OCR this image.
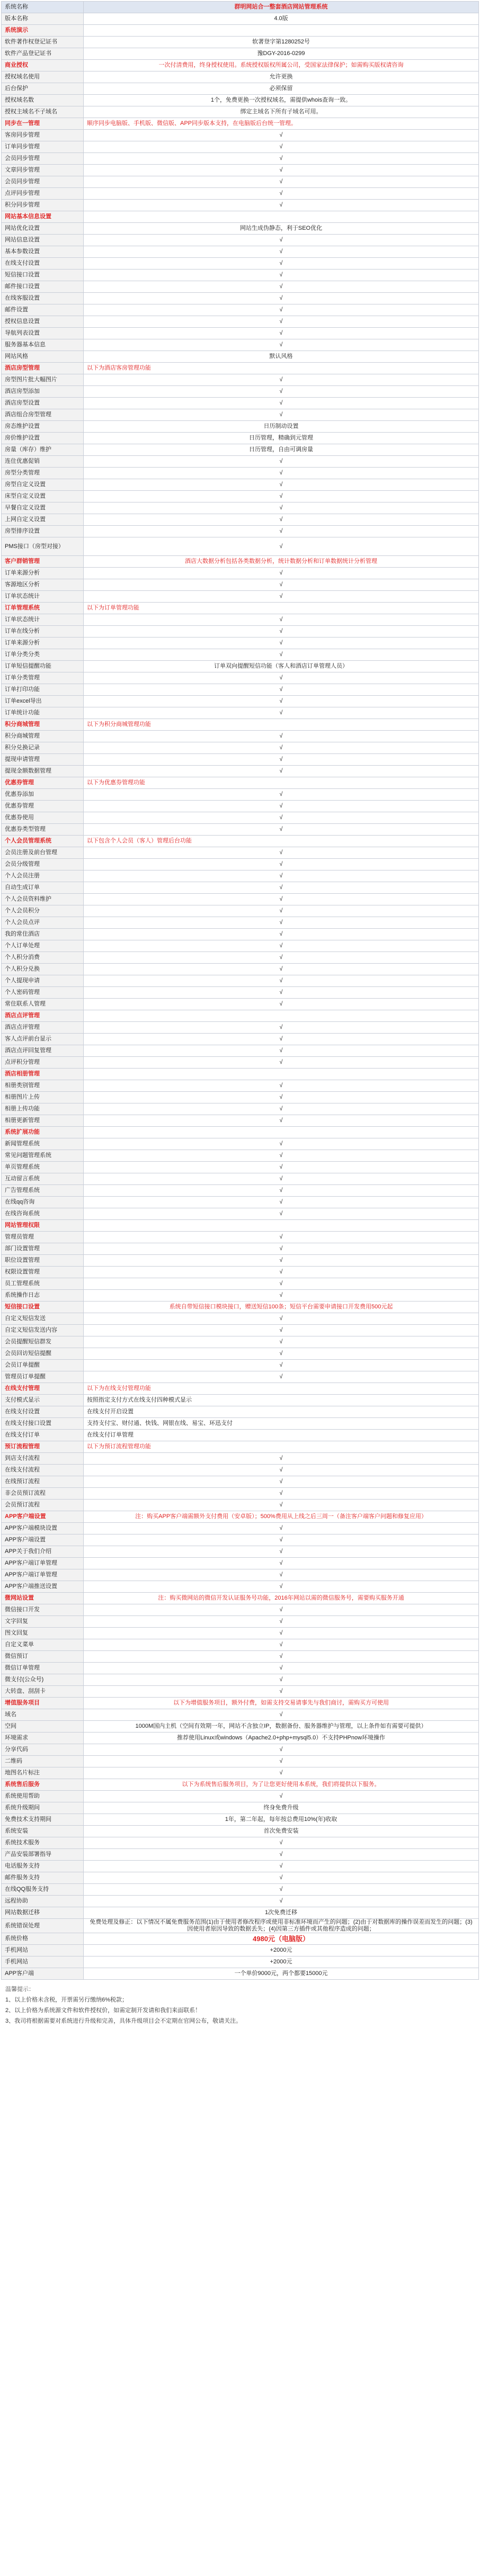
系统名称	群明网站合一整套酒店网站管理系统
版本名称	4.0版
系统演示	
软件著作权登记证书	软著登字第1280252号
软件产品登记证书	豫DGY-2016-0299
商业授权	一次付清费用，终身授权使用。系统授权版权所属公司，受国家法律保护；如需购买版权请咨询
授权域名使用	允许更换
后台保护	必须保留
授权域名数	1个，免费更换一次授权域名，需提供whois查询一致。
授权主域名不子域名	绑定主域名下所有子域名可用。
同步在一管理	顺序同步电脑版、手机版、微信版、APP同步版本支持，在电脑版后台统一管理。
客房同步管理	√
订单同步管理	√
会员同步管理	√
文章同步管理	√
会员同步管理	√
点评同步管理	√
积分同步管理	√
网站基本信息设置	
网站优化设置	网站生成伪静态，利于SEO优化
网站信息设置	√
基本参数设置	√
在线支付设置	√
短信接口设置	√
邮件接口设置	√
在线客服设置	√
邮件设置	√
授权信息设置	√
导航列表设置	√
服务器基本信息	√
网站风格	默认风格
酒店房型管理	以下为酒店客房管理功能
房型图片批大幅图片	√
酒店房型添加	√
酒店房型设置	√
酒店组合房型管理	√
房态维护设置	日历制动设置
房价维护设置	日历管理，精确到元管理
房量（库存）维护	日历管理，自由可调房量
连住优惠促销	√
房型分类管理	√
房型自定义设置	√
床型自定义设置	√
早餐自定义设置	√
上网自定义设置	√
房型排序设置	√
PMS接口（房型对接）	√
客户群销管理	酒店大数据分析包括各类数据分析，统计数据分析和订单数据统计分析管理
订单来源分析	√
客源地区分析	√
订单状态统计	√
订单管理系统	以下为订单管理功能
订单状态统计	√
订单在线分析	√
订单来源分析	√
订单分类分类	√
订单短信提醒功能	订单双向提醒短信功能（客人和酒店订单管理人员）
订单分类管理	√
订单打印功能	√
订单excel导出	√
订单统计功能	√
积分商城管理	以下为积分商城管理功能
积分商城管理	√
积分兑换记录	√
提现申请管理	√
提现金额数据管理	√
优惠券管理	以下为优惠券管理功能
优惠券添加	√
优惠券管理	√
优惠券使用	√
优惠券类型管理	√
个人会员管理系统	以下包含个人会员（客人）管理后台功能
会员注册及前台管理	√
会员分级管理	√
个人会员注册	√
自动生成订单	√
个人会员资料维护	√
个人会员积分	√
个人会员点评	√
我的常住酒店	√
个人订单处理	√
个人积分消费	√
个人积分兑换	√
个人提现申请	√
个人密码管理	√
常住联系人管理	√
酒店点评管理	
酒店点评管理	√
客人点评前台显示	√
酒店点评回复管理	√
点评积分管理	√
酒店相册管理	
相册类别管理	√
相册图片上传	√
相册上传功能	√
相册更新管理	√
系统扩展功能	
新闻管理系统	√
常见问题管理系统	√
单页管理系统	√
互动留言系统	√
广告管理系统	√
在线qq咨询	√
在线咨询系统	√
网站管理权限	
管理员管理	√
部门设置管理	√
职位设置管理	√
权限设置管理	√
员工管理系统	√
系统操作日志	√
短信接口设置	系统自带短信接口模块接口，赠送短信100条；短信平台需要申请接口开发费用500元起
自定义短信发送	√
自定义短信发送内容	√
会员提醒短信群发	√
会员回访短信提醒	√
会员订单提醒	√
管理员订单提醒	√
在线支付管理	以下为在线支付管理功能
支付模式显示	按照指定支付方式在线支付四种模式显示
在线支付设置	在线支付开启设置
在线支付接口设置	支持支付宝、财付通、快钱、网银在线、易宝、环迅支付
在线支付订单	在线支付订单管理
预订流程管理	以下为预订流程管理功能
到店支付流程	√
在线支付流程	√
在线预订流程	√
非会员预订流程	√
会员预订流程	√
APP客户端设置	注：购买APP客户端需额外支付费用（安卓版）；500%费用从上线之后三周一（备注客户端客户问题和修复应用）
APP客户端模块设置	√
APP客户端设置	√
APP关于我们介绍	√
APP客户端订单管理	√
APP客户端订单管理	√
APP客户端推送设置	√
微网站设置	注：购买微网站的微信开发认证服务号功能，2016年网站以需的微信服务号，需要购买服务开通
微信接口开发	√
文字回复	√
图文回复	√
自定义菜单	√
微信预订	√
微信订单管理	√
微支付(公众号)	√
大转盘、刮刮卡	√
增值服务项目	以下为增值服务项目，额外付费，如需支持交易请事先与我们商讨，需购买方可使用
域名	√
空间	1000M国内主机（空间有效期一年，网站不含独立IP，数据备份、服务器维护与管理，以上条件如有需要可提供）
环境需求	推荐使用Linux或windows（Apache2.0+php+mysql5.0）不支持PHPnow环境操作
分享代码	√
二维码	√
地图名片标注	√
系统售后服务	以下为系统售后服务项目，为了让您更好使用本系统，我们将提供以下服务。
系统使用帮助	√
系统升级期间	终身免费升级
免费技术支持期间	1年，第二年起，每年按总费用10%(年)收取
系统安装	首次免费安装
系统技术服务	√
产品安装部署指导	√
电话服务支持	√
邮件服务支持	√
在线QQ服务支持	√
远程协助	√
网站数据迁移	1次免费迁移
系统错误处理	免费处理及修正：以下情况不属免费服务范围(1)由于使用者修改程序或使用非标准环境而产生的问题；(2)由于对数据库的操作误差而发生的问题；(3)因使用者原因导致的数据丢失；(4)因第三方插件或其他程序造成的问题；
系统价格	4980元（电脑版）
手机网站	+2000元
手机网站	+2000元
APP客户端	一个单价9000元，两个都要15000元
温馨提示：
1、以上价格未含税，开票需另行缴纳6%税款；
2、以上价格为系统源文件和软件授权价，如需定制开发请和我们来面联系！
3、我司将根据需要对系统进行升级和完善，具体升级项目会不定期在官网公布，敬请关注。
